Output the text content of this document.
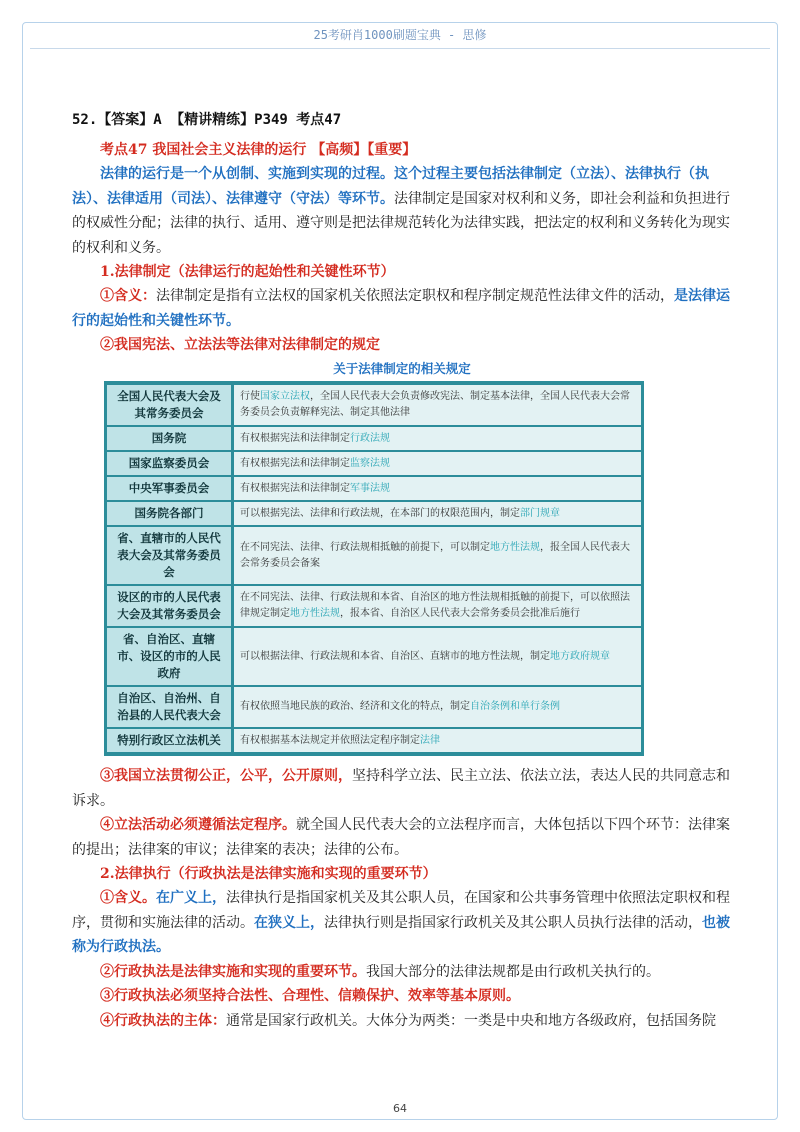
25考研肖1000刷题宝典 - 思修

52.【答案】A 【精讲精练】P349 考点47

考点47 我国社会主义法律的运行 【高频】【重要】

法律的运行是一个从创制、实施到实现的过程。这个过程主要包括法律制定（立法）、法律执行（执法）、法律适用（司法）、法律遵守（守法）等环节。法律制定是国家对权利和义务，即社会利益和负担进行的权威性分配；法律的执行、适用、遵守则是把法律规范转化为法律实践，把法定的权利和义务转化为现实的权利和义务。

1.法律制定（法律运行的起始性和关键性环节）

①含义：法律制定是指有立法权的国家机关依照法定职权和程序制定规范性法律文件的活动，是法律运行的起始性和关键性环节。

②我国宪法、立法法等法律对法律制定的规定

关于法律制定的相关规定
全国人民代表大会及其常务委员会	行使国家立法权，全国人民代表大会负责修改宪法、制定基本法律，全国人民代表大会常务委员会负责解释宪法、制定其他法律
国务院	有权根据宪法和法律制定行政法规
国家监察委员会	有权根据宪法和法律制定监察法规
中央军事委员会	有权根据宪法和法律制定军事法规
国务院各部门	可以根据宪法、法律和行政法规，在本部门的权限范围内，制定部门规章
省、直辖市的人民代表大会及其常务委员会	在不同宪法、法律、行政法规相抵触的前提下，可以制定地方性法规，报全国人民代表大会常务委员会备案
设区的市的人民代表大会及其常务委员会	在不同宪法、法律、行政法规和本省、自治区的地方性法规相抵触的前提下，可以依照法律规定制定地方性法规，报本省、自治区人民代表大会常务委员会批准后施行
省、自治区、直辖市、设区的市的人民政府	可以根据法律、行政法规和本省、自治区、直辖市的地方性法规，制定地方政府规章
自治区、自治州、自治县的人民代表大会	有权依照当地民族的政治、经济和文化的特点，制定自治条例和单行条例
特别行政区立法机关	有权根据基本法规定并依照法定程序制定法律

③我国立法贯彻公正，公平，公开原则，坚持科学立法、民主立法、依法立法，表达人民的共同意志和诉求。

④立法活动必须遵循法定程序。就全国人民代表大会的立法程序而言，大体包括以下四个环节：法律案的提出；法律案的审议；法律案的表决；法律的公布。

2.法律执行（行政执法是法律实施和实现的重要环节）

①含义。在广义上，法律执行是指国家机关及其公职人员，在国家和公共事务管理中依照法定职权和程序，贯彻和实施法律的活动。在狭义上，法律执行则是指国家行政机关及其公职人员执行法律的活动，也被称为行政执法。

②行政执法是法律实施和实现的重要环节。我国大部分的法律法规都是由行政机关执行的。

③行政执法必须坚持合法性、合理性、信赖保护、效率等基本原则。

④行政执法的主体：通常是国家行政机关。大体分为两类：一类是中央和地方各级政府，包括国务院

64
